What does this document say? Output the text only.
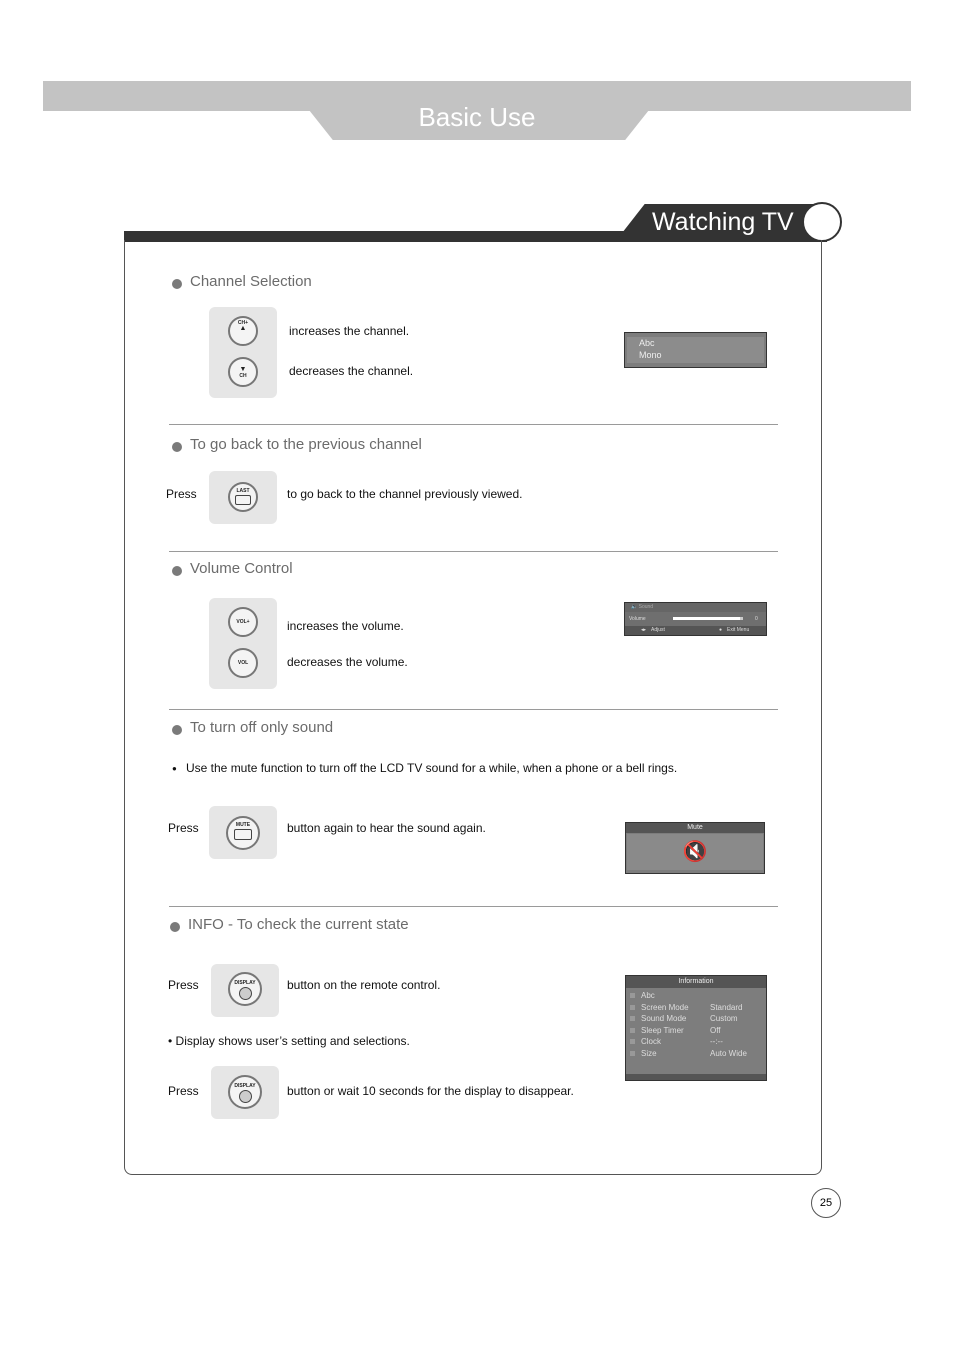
Basic Use
Watching TV
Channel Selection
CH+
▲
▼
CH
increases the channel.
decreases the channel.
Abc
Mono
To go back to the previous channel
Press	LAST	to go back to the channel previously viewed.
Volume Control
VOL+
VOL
increases the volume.
decreases the volume.
🔈 Sound
Volume	0
◂▸ Adjust	● Exit Menu
To turn off only sound
● Use the mute function to turn off the LCD TV sound for a while, when a phone or a bell rings.
Press	MUTE	button again to hear the sound again.	Mute
🔇
INFO - To check the current state
Press	DISPLAY	button on the remote control.
• Display shows user’s setting and selections.
Press	DISPLAY	button or wait 10 seconds for the display to disappear.
Information
Abc
Screen Mode	Standard
Sound Mode	Custom
Sleep Timer	Off
Clock	--:--
Size	Auto Wide
25
